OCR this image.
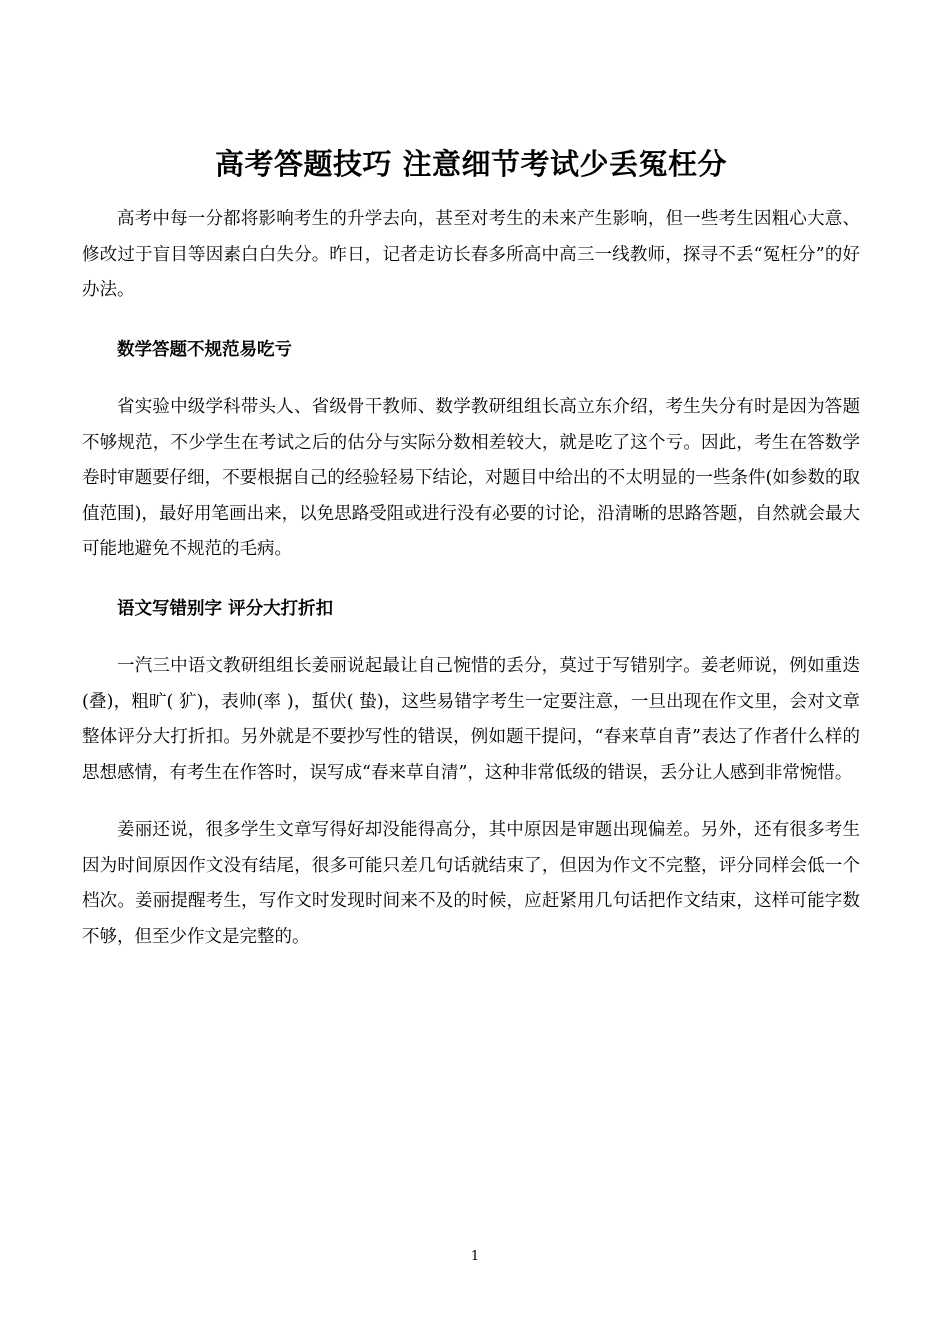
高考答题技巧 注意细节考试少丢冤枉分

高考中每一分都将影响考生的升学去向，甚至对考生的未来产生影响，但一些考生因粗心大意、修改过于盲目等因素白白失分。昨日，记者走访长春多所高中高三一线教师，探寻不丢“冤枉分”的好办法。

数学答题不规范易吃亏

省实验中级学科带头人、省级骨干教师、数学教研组组长高立东介绍，考生失分有时是因为答题不够规范，不少学生在考试之后的估分与实际分数相差较大，就是吃了这个亏。因此，考生在答数学卷时审题要仔细，不要根据自己的经验轻易下结论，对题目中给出的不太明显的一些条件(如参数的取值范围)，最好用笔画出来，以免思路受阻或进行没有必要的讨论，沿清晰的思路答题，自然就会最大可能地避免不规范的毛病。

语文写错别字 评分大打折扣

一汽三中语文教研组组长姜丽说起最让自己惋惜的丢分，莫过于写错别字。姜老师说，例如重迭(叠)，粗旷( 犷)，表帅(率 )，蜇伏( 蛰)，这些易错字考生一定要注意，一旦出现在作文里，会对文章整体评分大打折扣。另外就是不要抄写性的错误，例如题干提问，“春来草自青”表达了作者什么样的思想感情，有考生在作答时，误写成“春来草自清”，这种非常低级的错误，丢分让人感到非常惋惜。

姜丽还说，很多学生文章写得好却没能得高分，其中原因是审题出现偏差。另外，还有很多考生因为时间原因作文没有结尾，很多可能只差几句话就结束了，但因为作文不完整，评分同样会低一个档次。姜丽提醒考生，写作文时发现时间来不及的时候，应赶紧用几句话把作文结束，这样可能字数不够，但至少作文是完整的。

1
